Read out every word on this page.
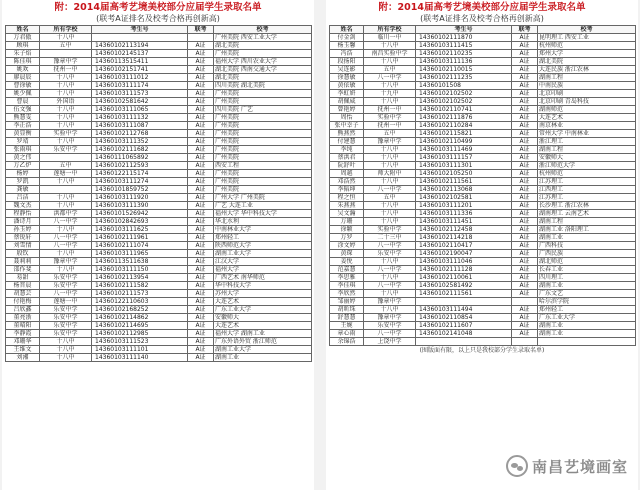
附：2014届高考艺境美校部分应届学生录取名单
(联考A证排名及校考合格再创新高)
姓名	所有学校	考生号	联考	校考
万君傲	十八中			广州美院 西安工业大学
顾琪	五中	14360102113194	A证	湖北美院
朱子焰		14360102145137	A证	广州美院
陈佳琪	豫章中学	14360113515411	A证	福州大学 西川农业大学
姚欢	抚州一中	14360102151741	A证	湖北美院 西南交通大学
廖晨辰	十八中	14360103111012	A证	湖北美院
曹徐敏	十八中	14360103111174	A证	四川美院 湖北美院
姚少佩	十八中	14360103111573	A证	广州美院
曹晨	外国语	14360102581642	A证	广州美院
伍文强	十八中	14360103111065	A证	四川美院 广艺
熊慧雯	十八中	14360103111132	A证	广州美院
李正浩	十八中	14360103111087	A证	广州美院
黄显衡	实验中学	14360102112768	A证	广州美院
罗靖	十八中	14360103111352	A证	广州美院
张雨琪	乐安中学	14360102111682	A证	广州美院
黄之伟		14360111065892	A证	广州美院
万乙炉	五中	14360102112593	A证	西安工程
杨婷	莲塘一中	14360122115174	A证	广州美院
罗凯	十八中	14360103111274	A证	广州美院
龚敏		14360101859752	A证	广州美院
吕洁	十八中	14360103111920	A证	广州大学 广州美院
魏文杰	十八中	14360103111390	A证	广艺 大连工业
程静怡	洪都中学	14360101526942	A证	福州大学 华中科技大学
潘诗月	八一中学	14360102842693	A证	华北水利
孙玉婷	十八中	14360103111625	A证	中南林业大学
蔡锐轩	八一中学	14360102111961	A证	郑州轻工
刘雪情	八一中学	14360102111074	A证	陕西师范大学
殷钦	十八中	14360103111965	A证	湖南工业大学
聂莉莉	豫章中学	14360113511638	A证	江汉大学
邵作斐	十八中	14360103111150	A证	福州大学
易甜	乐安中学	14360102113954	A证	广西艺术 南华师范
杨晋晨	乐安中学	14360102111582	A证	华中科技大学
胡慧芸	八一中学	14360102111573	A证	苏州大学
付艳梅	莲塘一中	14360122110603	A证	大连艺术
吕欣鑫	乐安中学	14360102168252	A证	广东工业大学
董亮浙	乐安中学	14360102114862	A证	安徽师大
董晴阳	乐安中学	14360102114695	A证	大连艺术
李静霞	乐安中学	14360102112985	A证	福州大学 湖南工业
邓珊华	十八中	14360103111523	A证	广东外语外贸 浙江师范
王维文	十八中	14360103111101	A证	湖南工业大学
刘湘	十八中	14360103111140	A证	湖南工业
附：2014届高考艺境美校部分应届学生录取名单
(联考A证排名及校考合格再创新高)
姓名	所有学校	考生号	联考	校考
付金剑	临川一中	14360102111870	A证	昆明理工 西安工业
杨玉馨	十八中	14360103111415	A证	杭州师范
冯浩	南昌实验中学	14360102110235	A证	郑州大学
段扬阳	十八中	14360103111136	A证	湖北美院
吴连影	五中	14360102110015	A证	大连民族 浙江农林
徐慧敏	八一中学	14360102111235	A证	湖南工程
黄依敏	十八中	14360101508	A证	中南民族
李虹妍	十九中	14360102102502	A证	北京印刷
胡佩威	十八中	14360102102502	A证	北京印刷 青岛科技
曾艳婷	抚州一中	14360102110741	A证	湖南师范
周怡	实验中学	14360102111876	A证	大连艺术
张中幸子	抚州一中	14360102110284	A证	南京林业
熊燕然	五中	14360102115821	A证	常州大学 中南林业
付建慧	豫章中学	14360102110499	A证	浙江理工
李纯	十八中	14360103111469	A证	湖南工程
蔡洪君	十八中	14360103111157	A证	安徽师大
阮舒叶	十八中	14360103111301	A证	浙江师范大学
周越	师大附中	14360102105250	A证	杭州师范
邓浩然	十八中	14360102111561	A证	江苏理工
李韬坤	八一中学	14360102113068	A证	江西理工
程之恒	五中	14360102102581	A证	江苏理工
朱燕燕	十八中	14360103111201	A证	长沙理工 浙江农林
吴文瀚	十八中	14360103111336	A证	湖南理工 云南艺术
万珊	十八中	14360103111451	A证	湖南工程
徐颖	实验中学	14360102112458	A证	湖南工业 洛阳理工
万罗	二十三中	14360102114218	A证	湖南工业
涂文婷	八一中学	14360102110417	A证	广西科技
黄琛	乐安中学	14360102190047	A证	广西民族
姜悦	十八中	14360103111046	A证	湖北师范
范嘉慧	八一中学	14360102111128	A证	长春工业
李思雅	十八中	14360102110061	A证	四川理工
李佳琪	八一中学	14360102581492	A证	湖南工业
李欣然	十八中	14360102111561	A证	广东文艺
邹丽婷	豫章中学			哈尔滨学院
胡昕珠	十八中	14360103111494	A证	郑州轻工
舒慧慧	豫章中学	14360102110854	A证	广东工业大学
王婉	乐安中学	14360102111607	A证	湖南工业
章心雨	八一中学	14360102141048	A证	湖南工业
余锦浩	上饶中学			
(囿版面有限，以上只是我校部分学生录取名单)
南昌艺境画室
